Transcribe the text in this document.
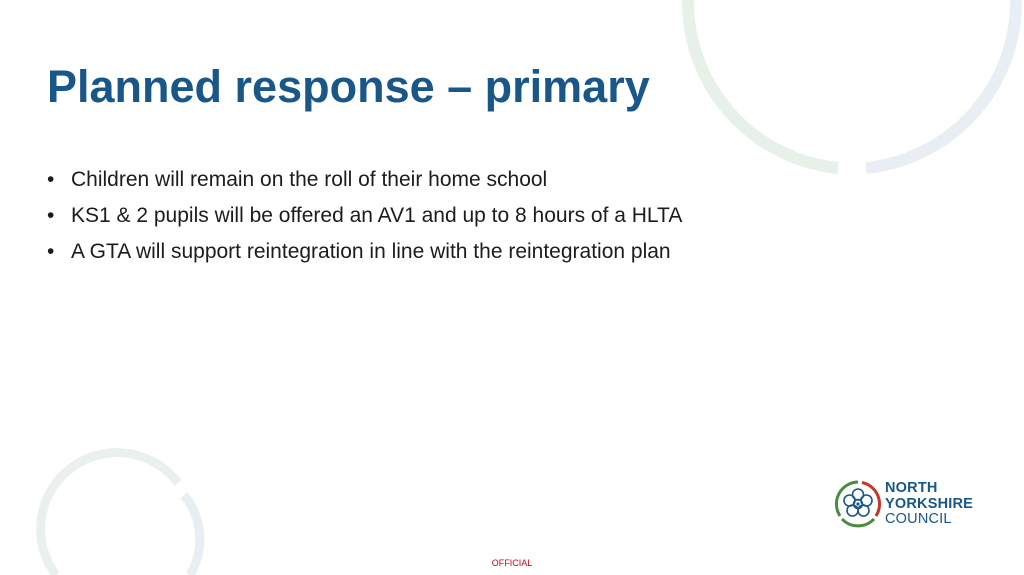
Planned response – primary
• Children will remain on the roll of their home school
• KS1 & 2 pupils will be offered an AV1 and up to 8 hours of a HLTA
• A GTA will support reintegration in line with the reintegration plan
NORTH
YORKSHIRE
COUNCIL
OFFICIAL
